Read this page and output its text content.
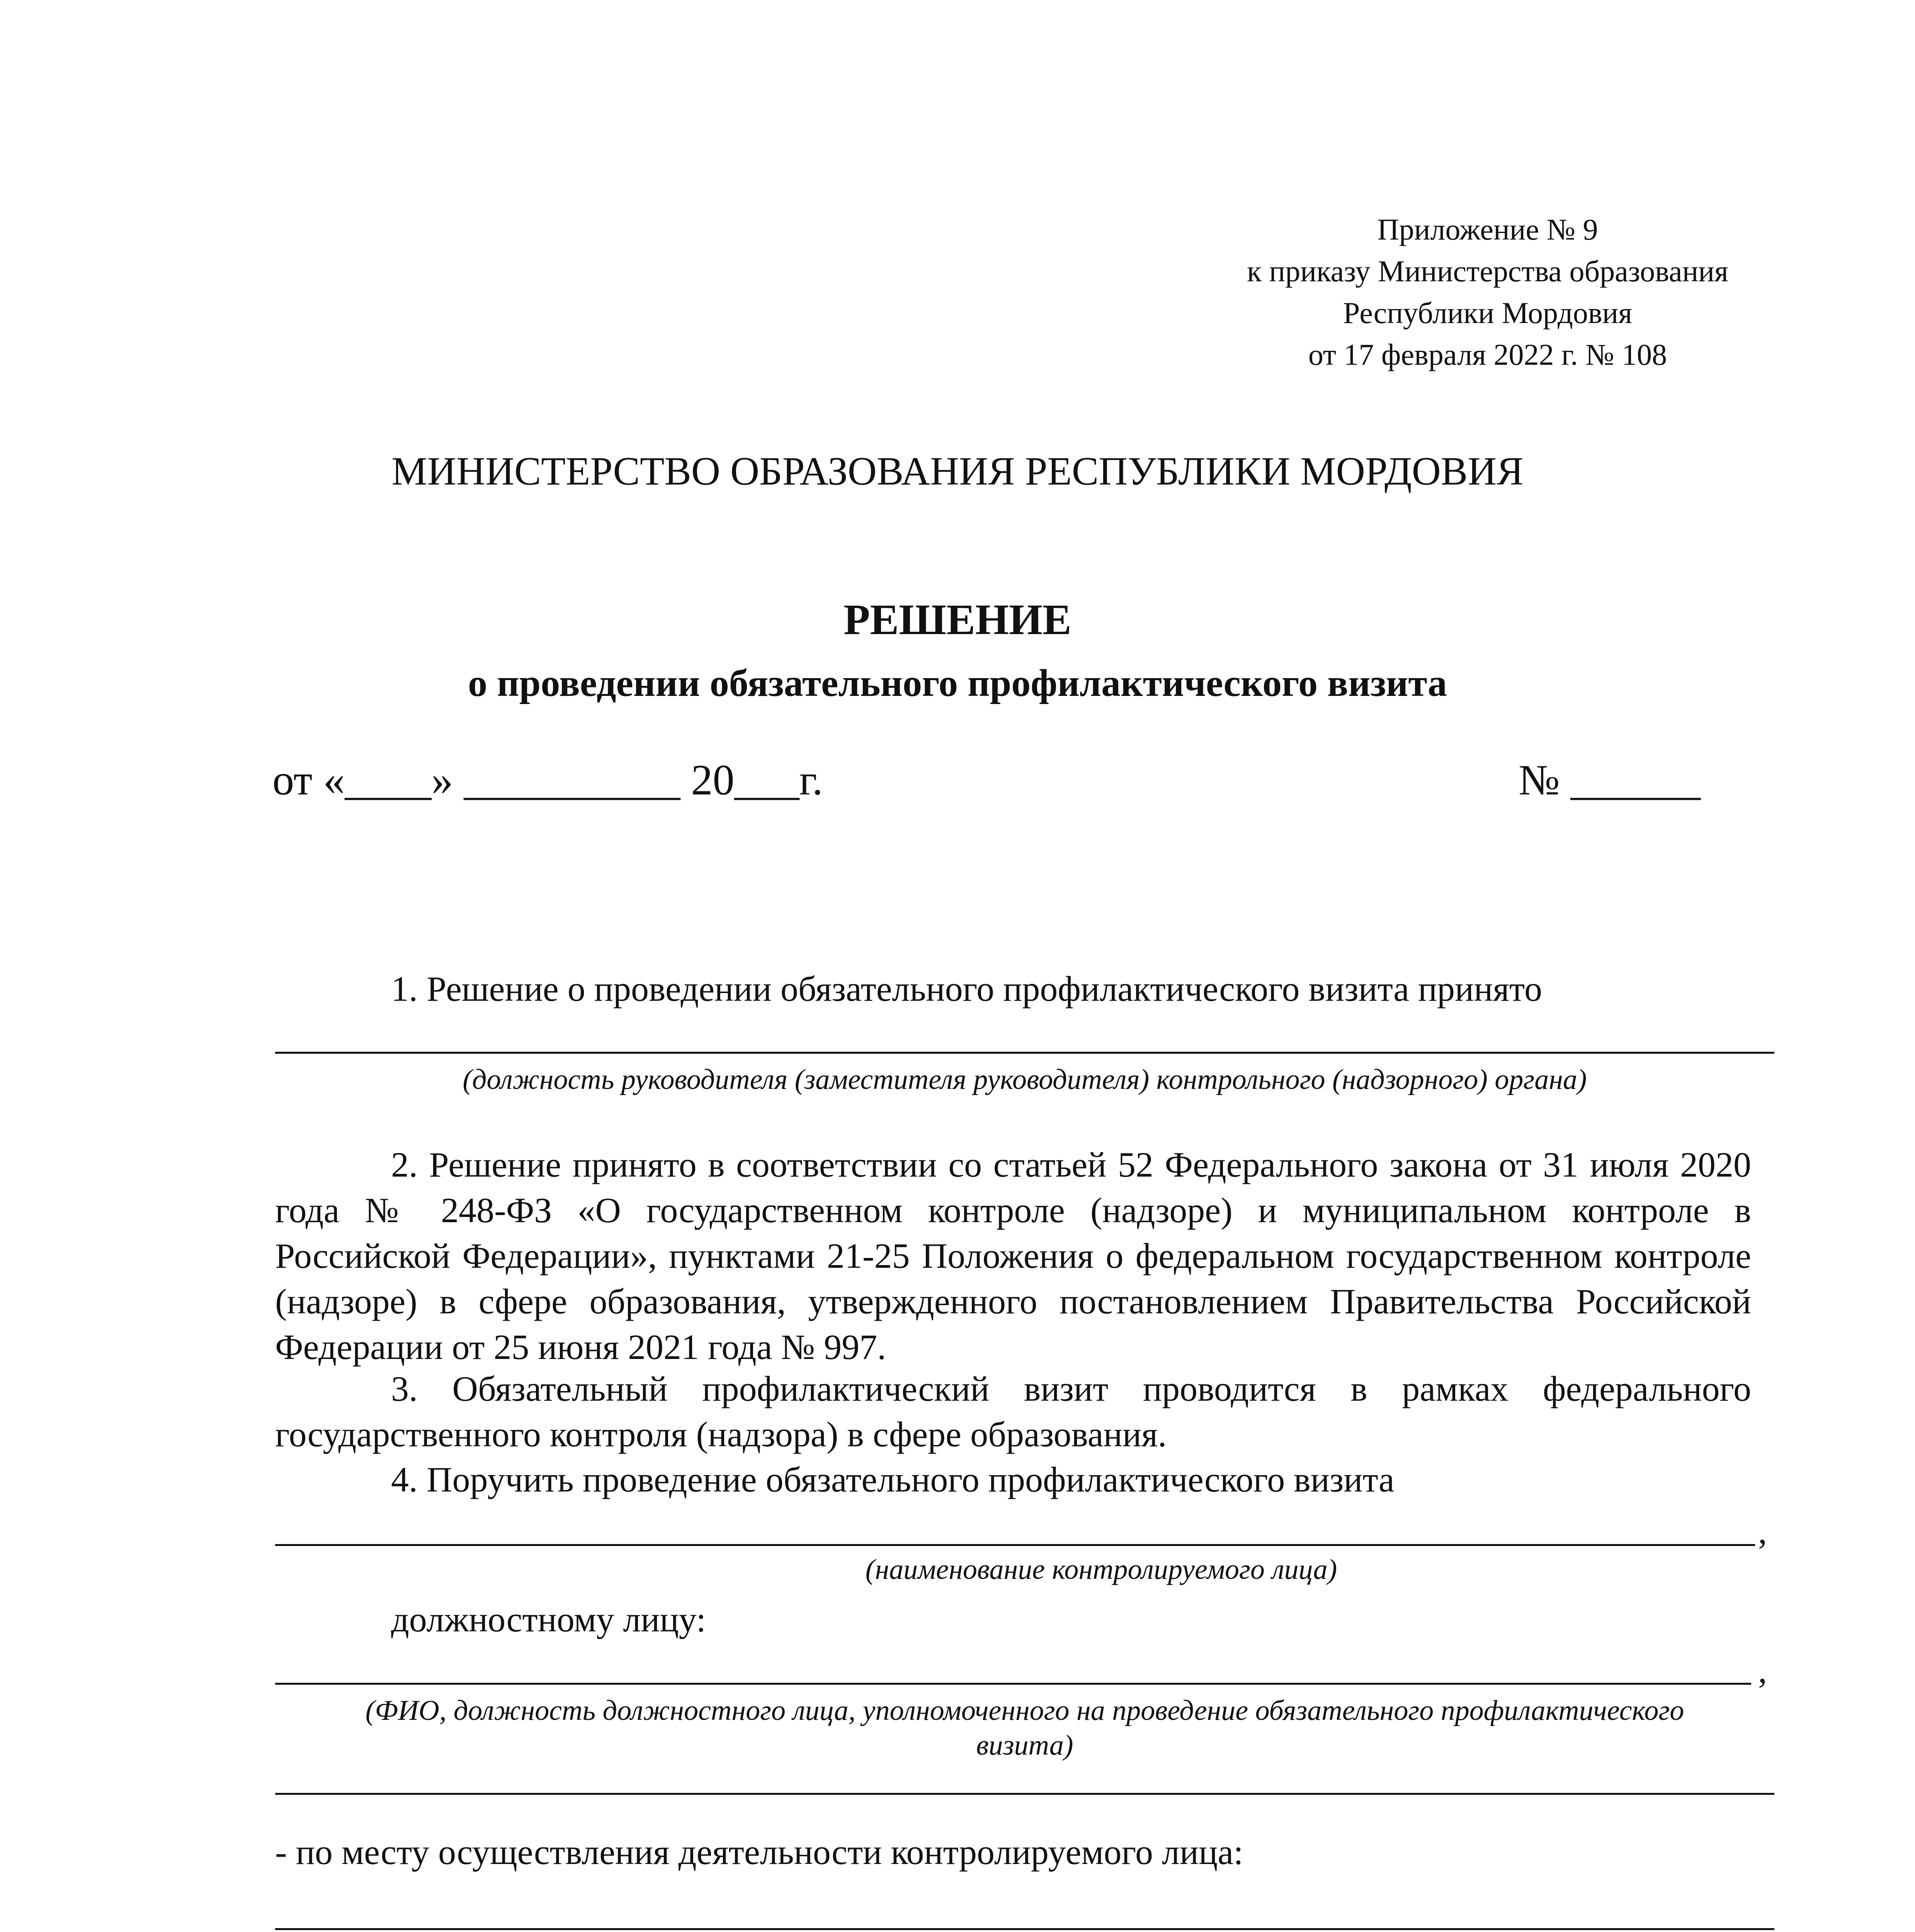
Приложение № 9
к приказу Министерства образования
Республики Мордовия
от 17 февраля 2022 г. № 108
МИНИСТЕРСТВО ОБРАЗОВАНИЯ РЕСПУБЛИКИ МОРДОВИЯ
РЕШЕНИЕ
о проведении обязательного профилактического визита
от «____» __________ 20___г.	№ ______
1. Решение о проведении обязательного профилактического визита принято
(должность руководителя (заместителя руководителя) контрольного (надзорного) органа)
2. Решение принято в соответствии со статьей 52 Федерального закона от 31 июля 2020 года № 248-ФЗ «О государственном контроле (надзоре) и муниципальном контроле в Российской Федерации», пунктами 21-25 Положения о федеральном государственном контроле (надзоре) в сфере образования, утвержденного постановлением Правительства Российской Федерации от 25 июня 2021 года № 997.
3. Обязательный профилактический визит проводится в рамках федерального государственного контроля (надзора) в сфере образования.
4. Поручить проведение обязательного профилактического визита
,
(наименование контролируемого лица)
должностному лицу:
,
(ФИО, должность должностного лица, уполномоченного на проведение обязательного профилактического
визита)
- по месту осуществления деятельности контролируемого лица:
